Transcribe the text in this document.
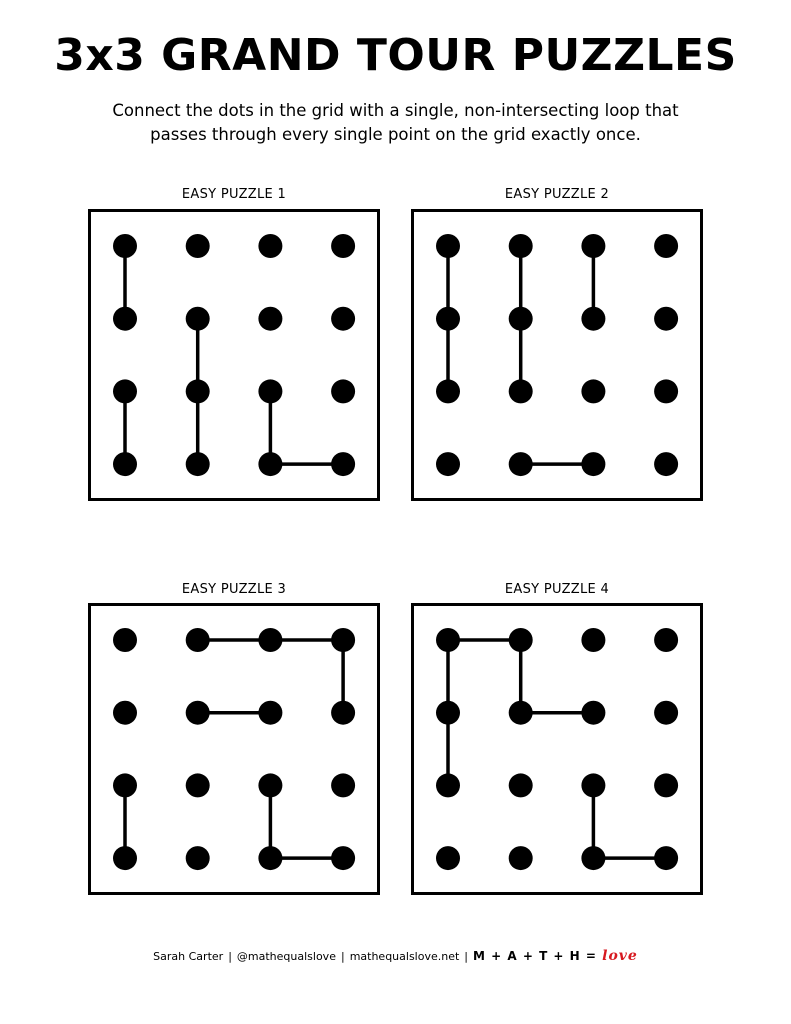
3x3 GRAND TOUR PUZZLES
Connect the dots in the grid with a single, non-intersecting loop that
passes through every single point on the grid exactly once.
EASY PUZZLE 1	EASY PUZZLE 2
EASY PUZZLE 3	EASY PUZZLE 4
Sarah Carter | @mathequalslove | mathequalslove.net | M + A + T + H = love
